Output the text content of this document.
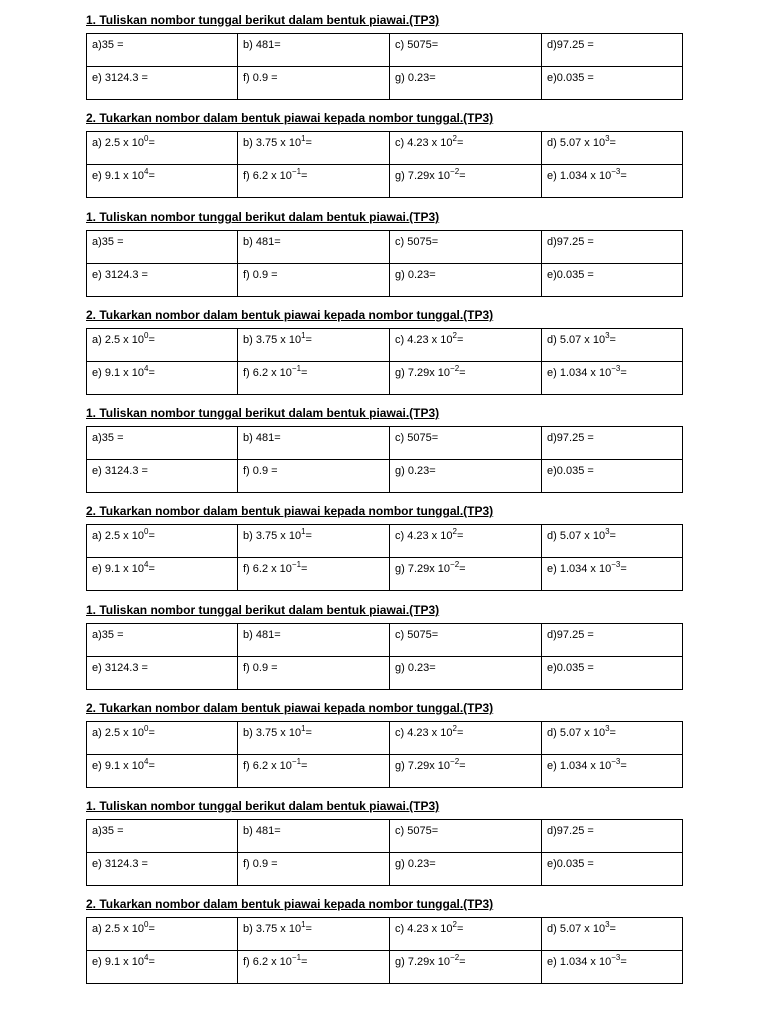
1. Tuliskan nombor tunggal berikut dalam bentuk piawai.(TP3)
a)35 =	b) 481=	c) 5075=	d)97.25 =
e) 3124.3 =	f) 0.9 =	g) 0.23=	e)0.035 =
2. Tukarkan nombor dalam bentuk piawai kepada nombor tunggal.(TP3)
a) 2.5 x $10^0=$	b) 3.75 x $10^1=$	c) 4.23 x $10^2=$	d) 5.07 x $10^3=$
e) 9.1 x $10^4=$	f) 6.2 x $10^{-1}=$	g) 7.29x $10^{-2}=$	e) 1.034 x $10^{-3}=$
1. Tuliskan nombor tunggal berikut dalam bentuk piawai.(TP3)
a)35 =	b) 481=	c) 5075=	d)97.25 =
e) 3124.3 =	f) 0.9 =	g) 0.23=	e)0.035 =
2. Tukarkan nombor dalam bentuk piawai kepada nombor tunggal.(TP3)
a) 2.5 x $10^0=$	b) 3.75 x $10^1=$	c) 4.23 x $10^2=$	d) 5.07 x $10^3=$
e) 9.1 x $10^4=$	f) 6.2 x $10^{-1}=$	g) 7.29x $10^{-2}=$	e) 1.034 x $10^{-3}=$
1. Tuliskan nombor tunggal berikut dalam bentuk piawai.(TP3)
a)35 =	b) 481=	c) 5075=	d)97.25 =
e) 3124.3 =	f) 0.9 =	g) 0.23=	e)0.035 =
2. Tukarkan nombor dalam bentuk piawai kepada nombor tunggal.(TP3)
a) 2.5 x $10^0=$	b) 3.75 x $10^1=$	c) 4.23 x $10^2=$	d) 5.07 x $10^3=$
e) 9.1 x $10^4=$	f) 6.2 x $10^{-1}=$	g) 7.29x $10^{-2}=$	e) 1.034 x $10^{-3}=$
1. Tuliskan nombor tunggal berikut dalam bentuk piawai.(TP3)
a)35 =	b) 481=	c) 5075=	d)97.25 =
e) 3124.3 =	f) 0.9 =	g) 0.23=	e)0.035 =
2. Tukarkan nombor dalam bentuk piawai kepada nombor tunggal.(TP3)
a) 2.5 x $10^0=$	b) 3.75 x $10^1=$	c) 4.23 x $10^2=$	d) 5.07 x $10^3=$
e) 9.1 x $10^4=$	f) 6.2 x $10^{-1}=$	g) 7.29x $10^{-2}=$	e) 1.034 x $10^{-3}=$
1. Tuliskan nombor tunggal berikut dalam bentuk piawai.(TP3)
a)35 =	b) 481=	c) 5075=	d)97.25 =
e) 3124.3 =	f) 0.9 =	g) 0.23=	e)0.035 =
2. Tukarkan nombor dalam bentuk piawai kepada nombor tunggal.(TP3)
a) 2.5 x $10^0=$	b) 3.75 x $10^1=$	c) 4.23 x $10^2=$	d) 5.07 x $10^3=$
e) 9.1 x $10^4=$	f) 6.2 x $10^{-1}=$	g) 7.29x $10^{-2}=$	e) 1.034 x $10^{-3}=$
